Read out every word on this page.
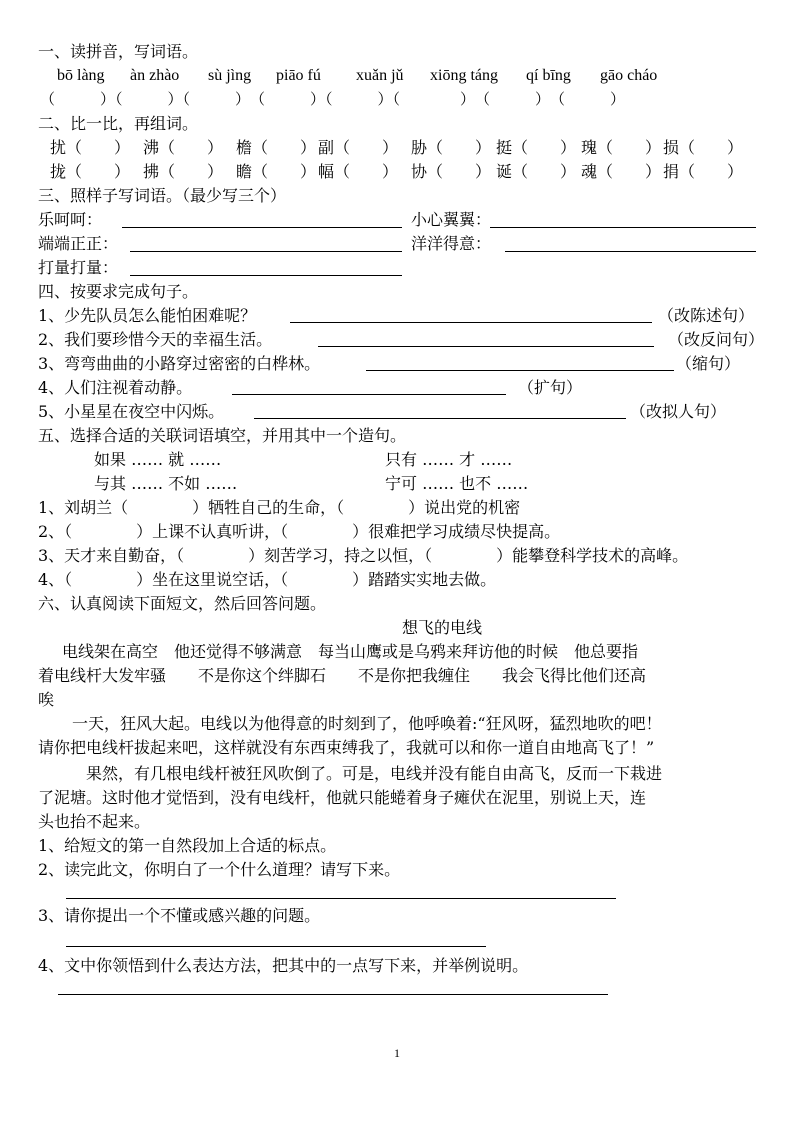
一、读拼音，写词语。
bō làng àn zhào sù jìng piāo fú xuǎn jǔ xiōng táng qí bīng gāo cháo
（　　　）（　　　）（　　　）　（　　　）（　　　）（　　　　）　（　　　）　（　　　）
二、比一比，再组词。
扰（　　） 沸（　　） 檐（　　） 副（　　） 胁（　　） 挺（　　） 瑰（　　） 损（　　）
拢（　　） 拂（　　） 瞻（　　） 幅（　　） 协（　　） 诞（　　） 魂（　　） 捐（　　）
三、照样子写词语。（最少写三个）
乐呵呵：	小心翼翼：
端端正正：	洋洋得意：
打量打量：
四、按要求完成句子。
1、少先队员怎么能怕困难呢？	（改陈述句）
2、我们要珍惜今天的幸福生活。	（改反问句）
3、弯弯曲曲的小路穿过密密的白桦林。	（缩句）
4、人们注视着动静。	（扩句）
5、小星星在夜空中闪烁。	（改拟人句）
五、选择合适的关联词语填空，并用其中一个造句。
如果 …… 就 ……	只有 …… 才 ……
与其 …… 不如 ……	宁可 …… 也不 ……
1、刘胡兰（　　　　）牺牲自己的生命，（　　　　）说出党的机密
2、（　　　　）上课不认真听讲，（　　　　）很难把学习成绩尽快提高。
3、天才来自勤奋，（　　　　）刻苦学习，持之以恒，（　　　　）能攀登科学技术的高峰。
4、（　　　　）坐在这里说空话，（　　　　）踏踏实实地去做。
六、认真阅读下面短文，然后回答问题。
想飞的电线
电线架在高空　他还觉得不够满意　每当山鹰或是乌鸦来拜访他的时候　他总要指
着电线杆大发牢骚　　不是你这个绊脚石　　不是你把我缠住　　我会飞得比他们还高
唉
一天，狂风大起。电线以为他得意的时刻到了，他呼唤着:“狂风呀，猛烈地吹的吧！
请你把电线杆拔起来吧，这样就没有东西束缚我了，我就可以和你一道自由地高飞了！”
果然，有几根电线杆被狂风吹倒了。可是，电线并没有能自由高飞，反而一下栽进
了泥塘。这时他才觉悟到，没有电线杆，他就只能蜷着身子瘫伏在泥里，别说上天，连
头也抬不起来。
1、给短文的第一自然段加上合适的标点。
2、读完此文，你明白了一个什么道理？请写下来。
3、请你提出一个不懂或感兴趣的问题。
4、文中你领悟到什么表达方法，把其中的一点写下来，并举例说明。
1
